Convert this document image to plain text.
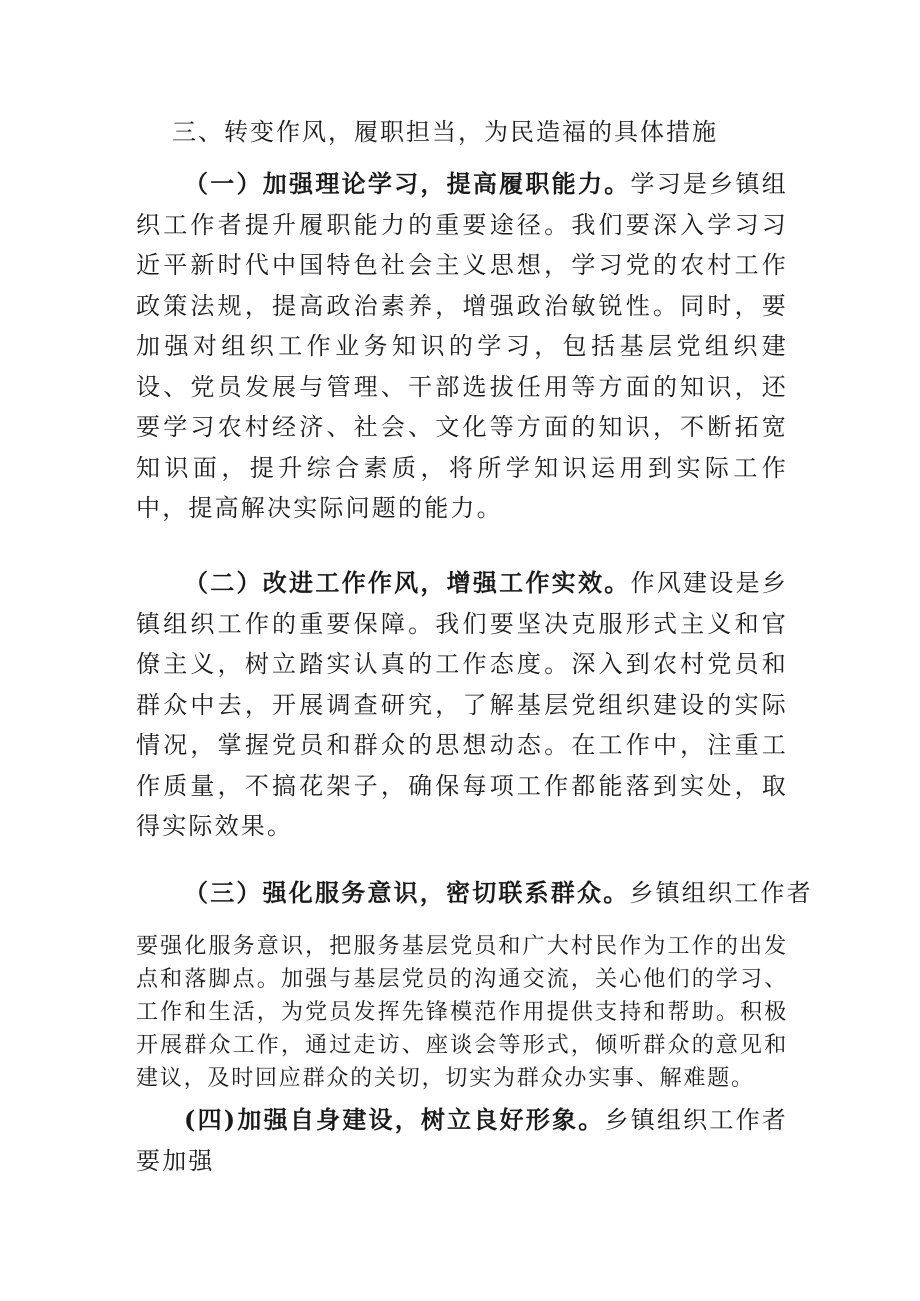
三、转变作风，履职担当，为民造福的具体措施

（一）加强理论学习，提高履职能力。学习是乡镇组织工作者提升履职能力的重要途径。我们要深入学习习近平新时代中国特色社会主义思想，学习党的农村工作政策法规，提高政治素养，增强政治敏锐性。同时，要加强对组织工作业务知识的学习，包括基层党组织建设、党员发展与管理、干部选拔任用等方面的知识，还要学习农村经济、社会、文化等方面的知识，不断拓宽知识面，提升综合素质，将所学知识运用到实际工作中，提高解决实际问题的能力。

（二）改进工作作风，增强工作实效。作风建设是乡镇组织工作的重要保障。我们要坚决克服形式主义和官僚主义，树立踏实认真的工作态度。深入到农村党员和群众中去，开展调查研究，了解基层党组织建设的实际情况，掌握党员和群众的思想动态。在工作中，注重工作质量，不搞花架子，确保每项工作都能落到实处，取得实际效果。

（三）强化服务意识，密切联系群众。乡镇组织工作者

要强化服务意识，把服务基层党员和广大村民作为工作的出发点和落脚点。加强与基层党员的沟通交流，关心他们的学习、工作和生活，为党员发挥先锋模范作用提供支持和帮助。积极开展群众工作，通过走访、座谈会等形式，倾听群众的意见和建议，及时回应群众的关切，切实为群众办实事、解难题。

(四)加强自身建设，树立良好形象。乡镇组织工作者要加强
